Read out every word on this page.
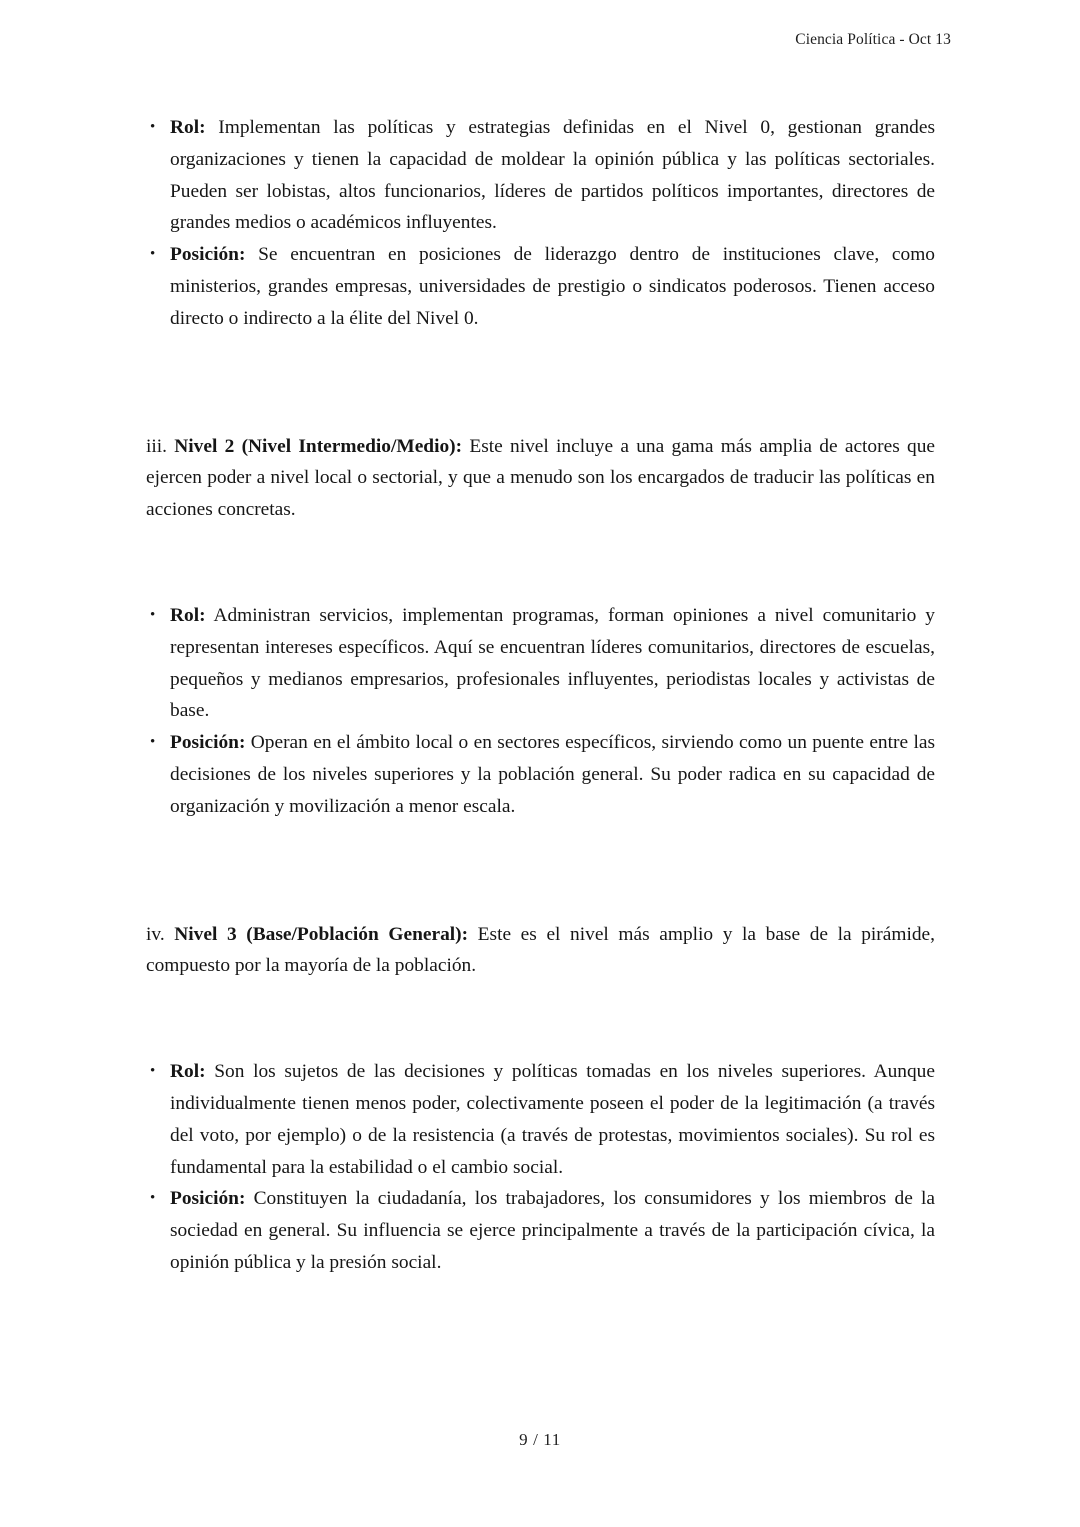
Ciencia Política - Oct 13
• Rol: Implementan las políticas y estrategias definidas en el Nivel 0, gestionan grandes organizaciones y tienen la capacidad de moldear la opinión pública y las políticas sectoriales. Pueden ser lobistas, altos funcionarios, líderes de partidos políticos importantes, directores de grandes medios o académicos influyentes.
• Posición: Se encuentran en posiciones de liderazgo dentro de instituciones clave, como ministerios, grandes empresas, universidades de prestigio o sindicatos poderosos. Tienen acceso directo o indirecto a la élite del Nivel 0.

iii. Nivel 2 (Nivel Intermedio/Medio): Este nivel incluye a una gama más amplia de actores que ejercen poder a nivel local o sectorial, y que a menudo son los encargados de traducir las políticas en acciones concretas.

• Rol: Administran servicios, implementan programas, forman opiniones a nivel comunitario y representan intereses específicos. Aquí se encuentran líderes comunitarios, directores de escuelas, pequeños y medianos empresarios, profesionales influyentes, periodistas locales y activistas de base.
• Posición: Operan en el ámbito local o en sectores específicos, sirviendo como un puente entre las decisiones de los niveles superiores y la población general. Su poder radica en su capacidad de organización y movilización a menor escala.

iv. Nivel 3 (Base/Población General): Este es el nivel más amplio y la base de la pirámide, compuesto por la mayoría de la población.

• Rol: Son los sujetos de las decisiones y políticas tomadas en los niveles superiores. Aunque individualmente tienen menos poder, colectivamente poseen el poder de la legitimación (a través del voto, por ejemplo) o de la resistencia (a través de protestas, movimientos sociales). Su rol es fundamental para la estabilidad o el cambio social.
• Posición: Constituyen la ciudadanía, los trabajadores, los consumidores y los miembros de la sociedad en general. Su influencia se ejerce principalmente a través de la participación cívica, la opinión pública y la presión social.
9 / 11
